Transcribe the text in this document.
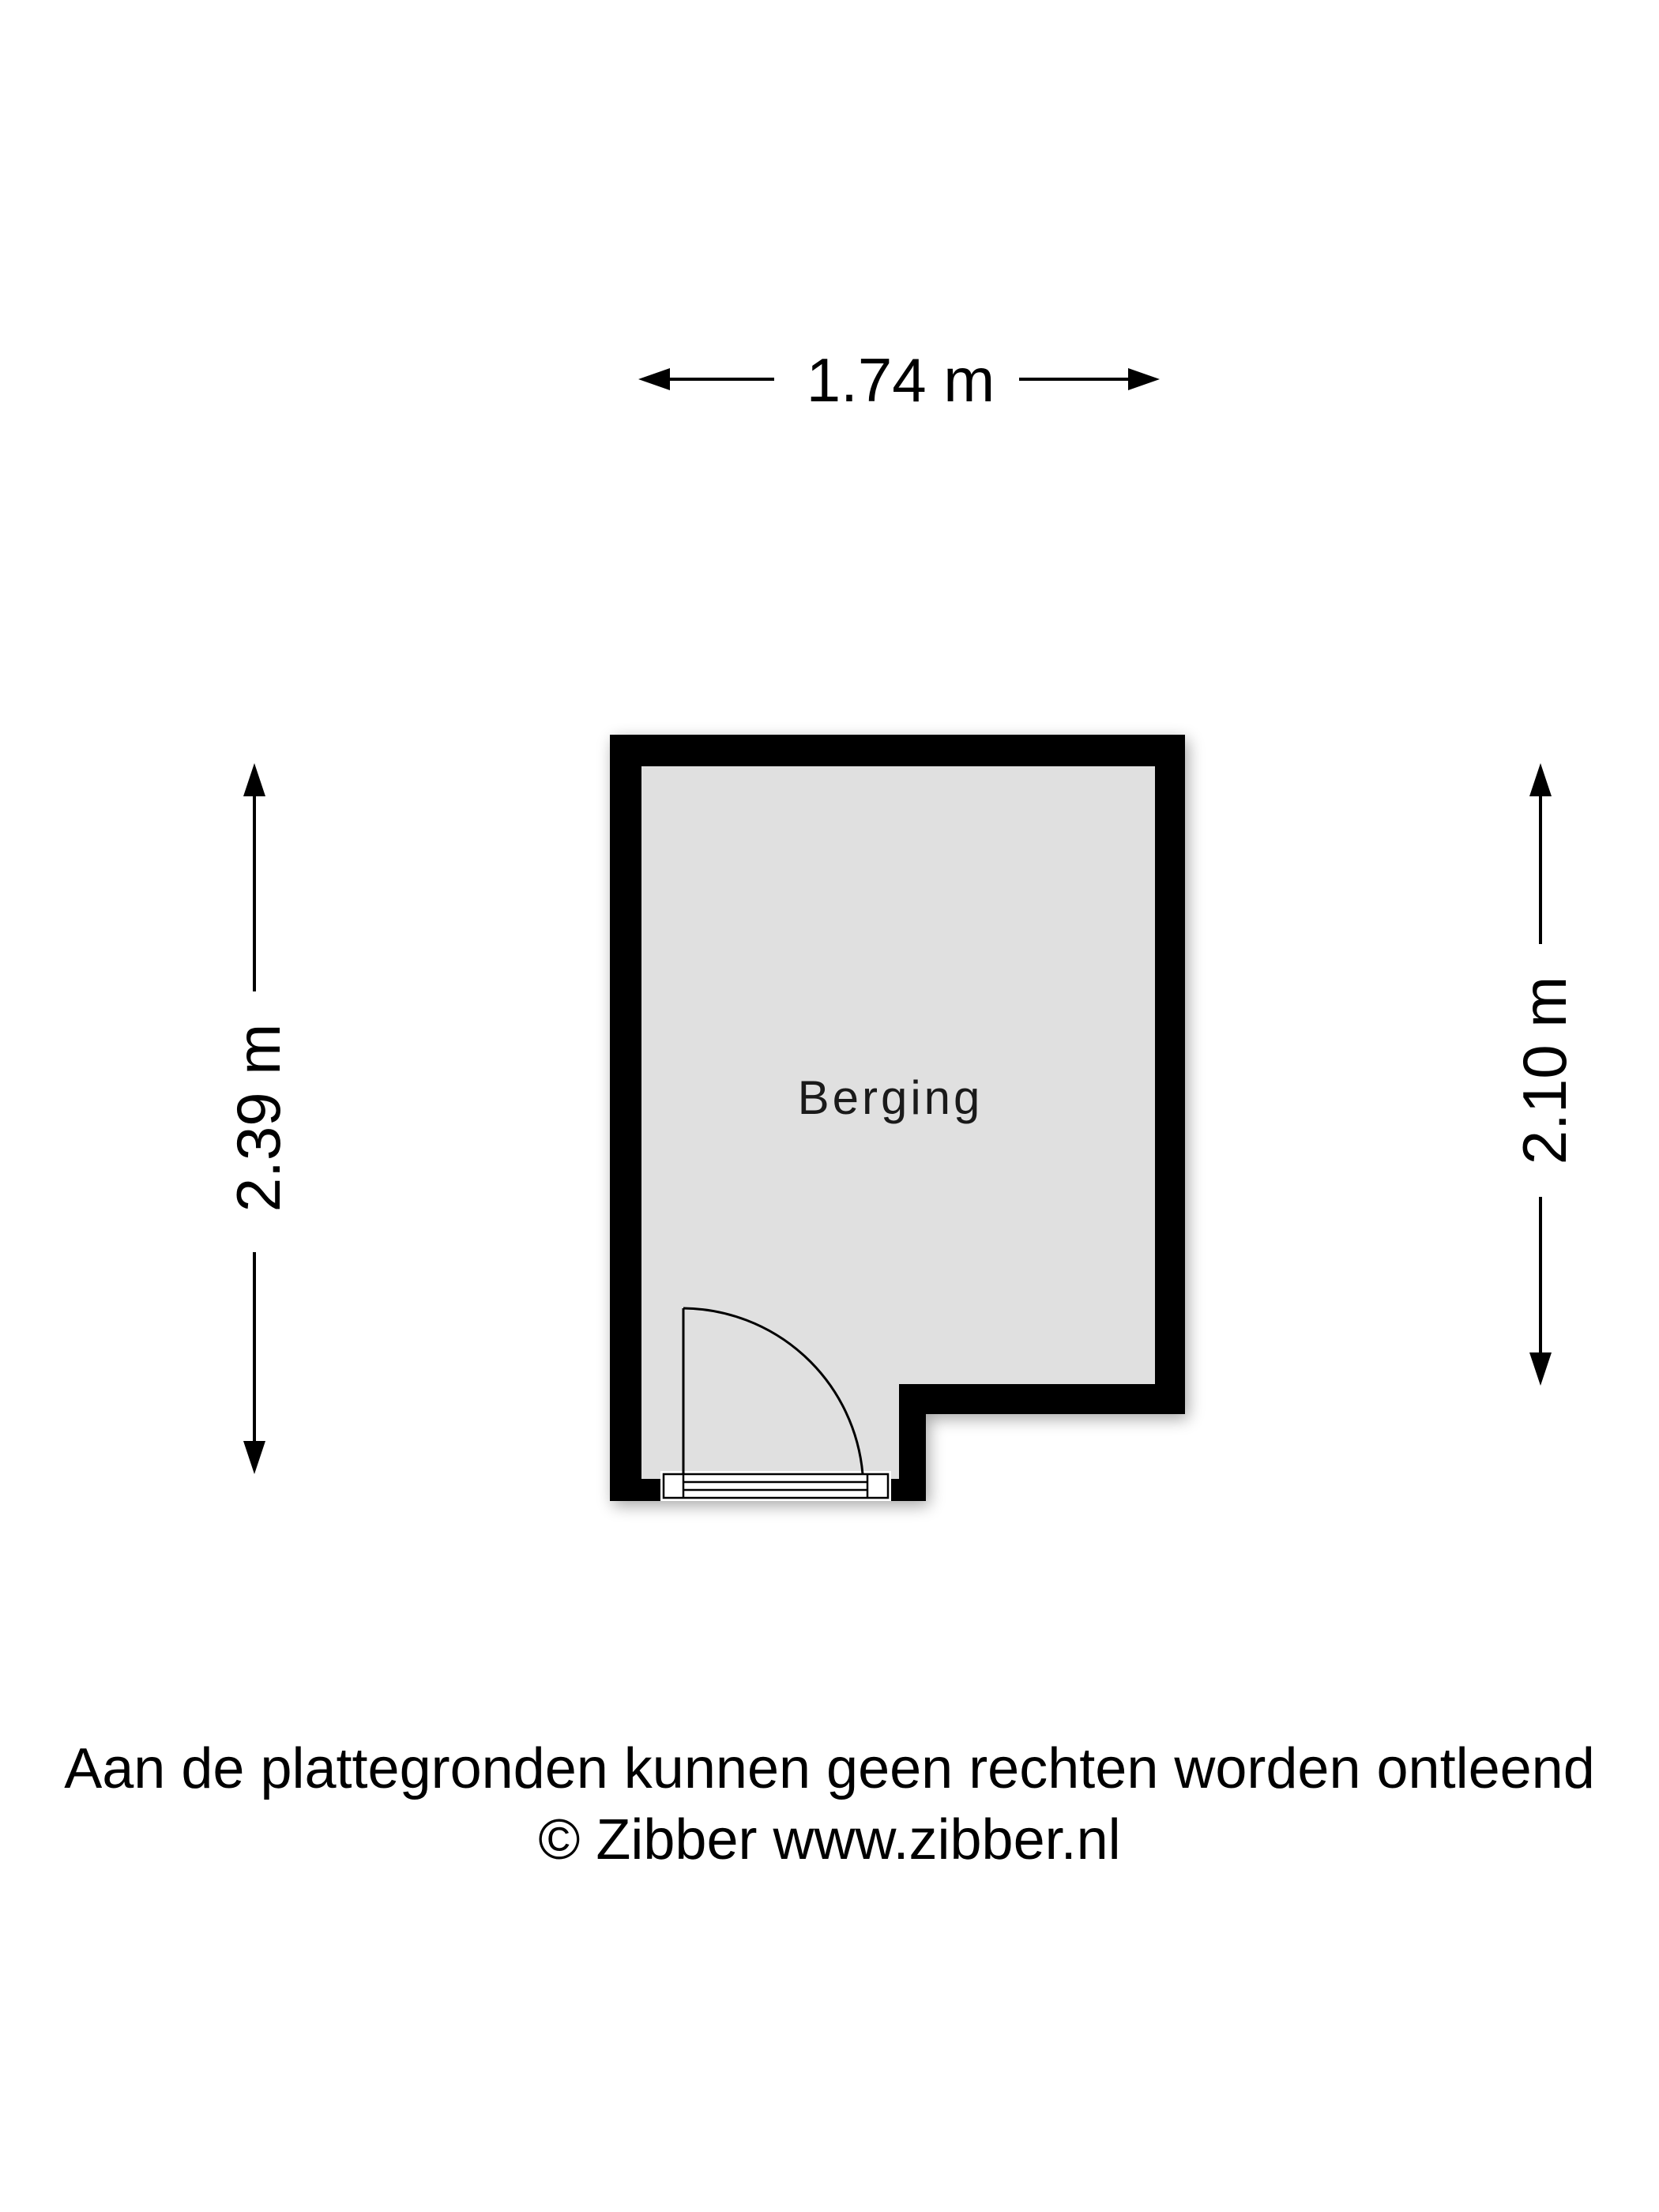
1.74 m
2.39 m	2.10 m
Berging
Aan de plattegronden kunnen geen rechten worden ontleend
© Zibber www.zibber.nl
